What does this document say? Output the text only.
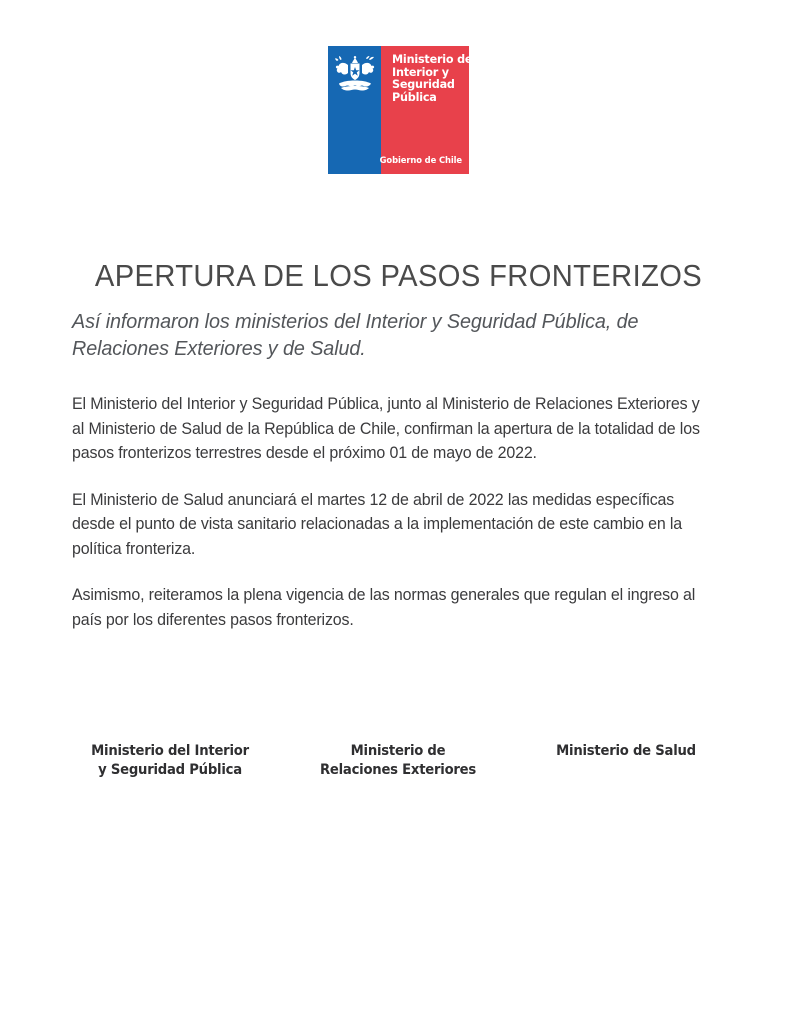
Ministerio del
Interior y
Seguridad
Pública
Gobierno de Chile
APERTURA DE LOS PASOS FRONTERIZOS
Así informaron los ministerios del Interior y Seguridad Pública, de Relaciones Exteriores y de Salud.

El Ministerio del Interior y Seguridad Pública, junto al Ministerio de Relaciones Exteriores y al Ministerio de Salud de la República de Chile, confirman la apertura de la totalidad de los pasos fronterizos terrestres desde el próximo 01 de mayo de 2022.

El Ministerio de Salud anunciará el martes 12 de abril de 2022 las medidas específicas desde el punto de vista sanitario relacionadas a la implementación de este cambio en la política fronteriza.

Asimismo, reiteramos la plena vigencia de las normas generales que regulan el ingreso al país por los diferentes pasos fronterizos.

Ministerio del Interior
y Seguridad Pública
Ministerio de
Relaciones Exteriores
Ministerio de Salud
